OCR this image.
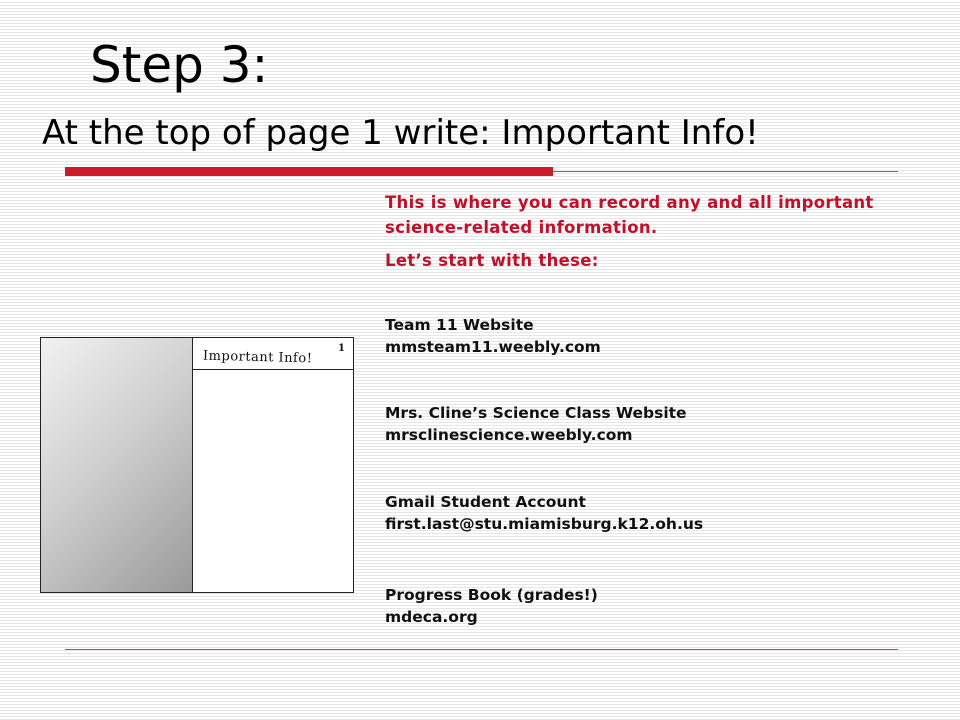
Step 3:
At the top of page 1 write: Important Info!
Important Info!
1

This is where you can record any and all important science-related information.

Let’s start with these:

Team 11 Website
mmsteam11.weebly.com
Mrs. Cline’s Science Class Website
mrsclinescience.weebly.com
Gmail Student Account
first.last@stu.miamisburg.k12.oh.us
Progress Book (grades!)
mdeca.org
